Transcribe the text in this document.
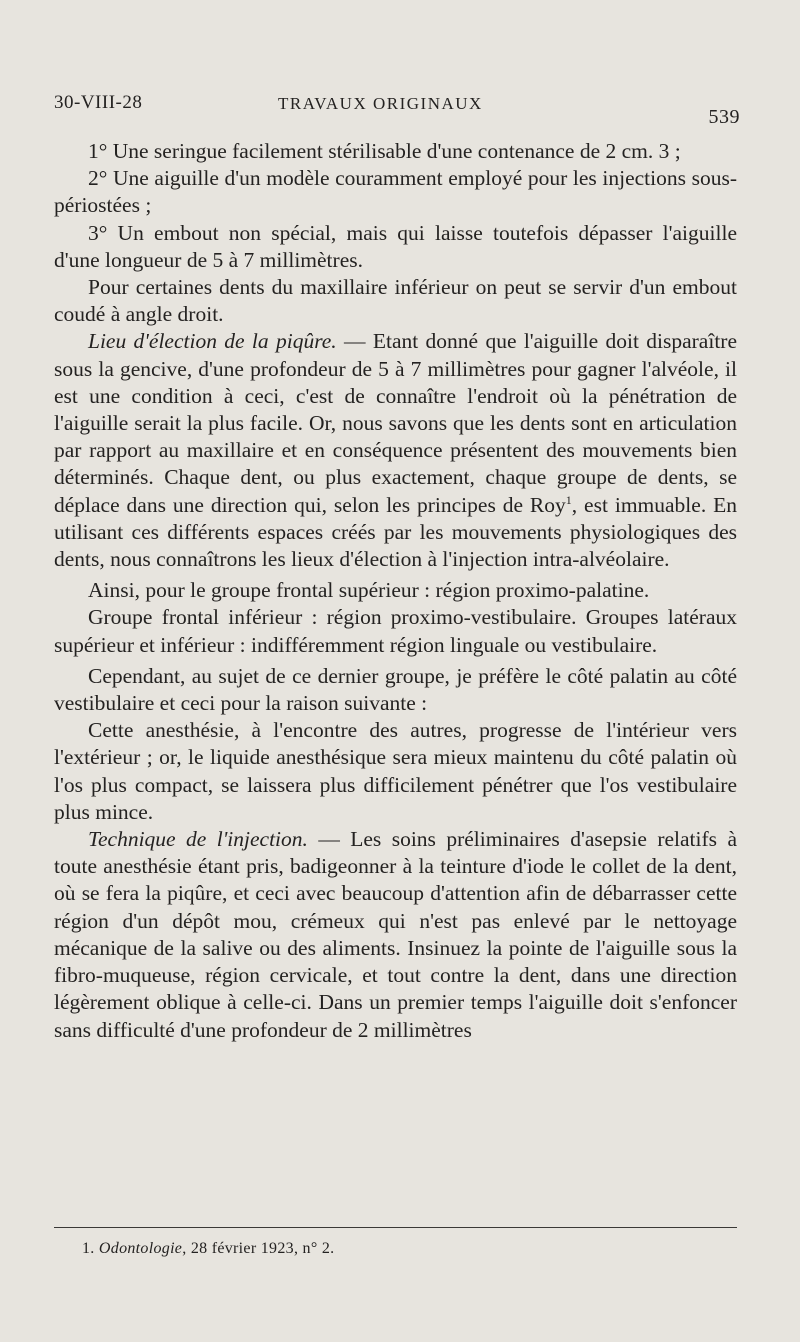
30-VIII-28	TRAVAUX ORIGINAUX
539

1° Une seringue facilement stérilisable d'une contenance de 2 cm. 3 ;

2° Une aiguille d'un modèle couramment employé pour les injections sous-périostées ;

3° Un embout non spécial, mais qui laisse toutefois dépasser l'aiguille d'une longueur de 5 à 7 millimètres.

Pour certaines dents du maxillaire inférieur on peut se servir d'un embout coudé à angle droit.

Lieu d'élection de la piqûre. — Etant donné que l'aiguille doit disparaître sous la gencive, d'une profondeur de 5 à 7 millimètres pour gagner l'alvéole, il est une condition à ceci, c'est de connaître l'endroit où la pénétration de l'aiguille serait la plus facile. Or, nous savons que les dents sont en articulation par rapport au maxillaire et en conséquence présentent des mouvements bien déterminés. Chaque dent, ou plus exactement, chaque groupe de dents, se déplace dans une direction qui, selon les principes de Roy$^1$, est immuable. En utilisant ces différents espaces créés par les mouvements physiologiques des dents, nous connaîtrons les lieux d'élection à l'injection intra-alvéolaire.

Ainsi, pour le groupe frontal supérieur : région proximo-palatine.

Groupe frontal inférieur : région proximo-vestibulaire. Groupes latéraux supérieur et inférieur : indifféremment région linguale ou vestibulaire.

Cependant, au sujet de ce dernier groupe, je préfère le côté palatin au côté vestibulaire et ceci pour la raison suivante :

Cette anesthésie, à l'encontre des autres, progresse de l'intérieur vers l'extérieur ; or, le liquide anesthésique sera mieux maintenu du côté palatin où l'os plus compact, se laissera plus difficilement pénétrer que l'os vestibulaire plus mince.

Technique de l'injection. — Les soins préliminaires d'asepsie relatifs à toute anesthésie étant pris, badigeonner à la teinture d'iode le collet de la dent, où se fera la piqûre, et ceci avec beaucoup d'attention afin de débarrasser cette région d'un dépôt mou, crémeux qui n'est pas enlevé par le nettoyage mécanique de la salive ou des aliments. Insinuez la pointe de l'aiguille sous la fibro-muqueuse, région cervicale, et tout contre la dent, dans une direction légèrement oblique à celle-ci. Dans un premier temps l'aiguille doit s'enfoncer sans difficulté d'une profondeur de 2 millimètres

1. Odontologie, 28 février 1923, n° 2.
